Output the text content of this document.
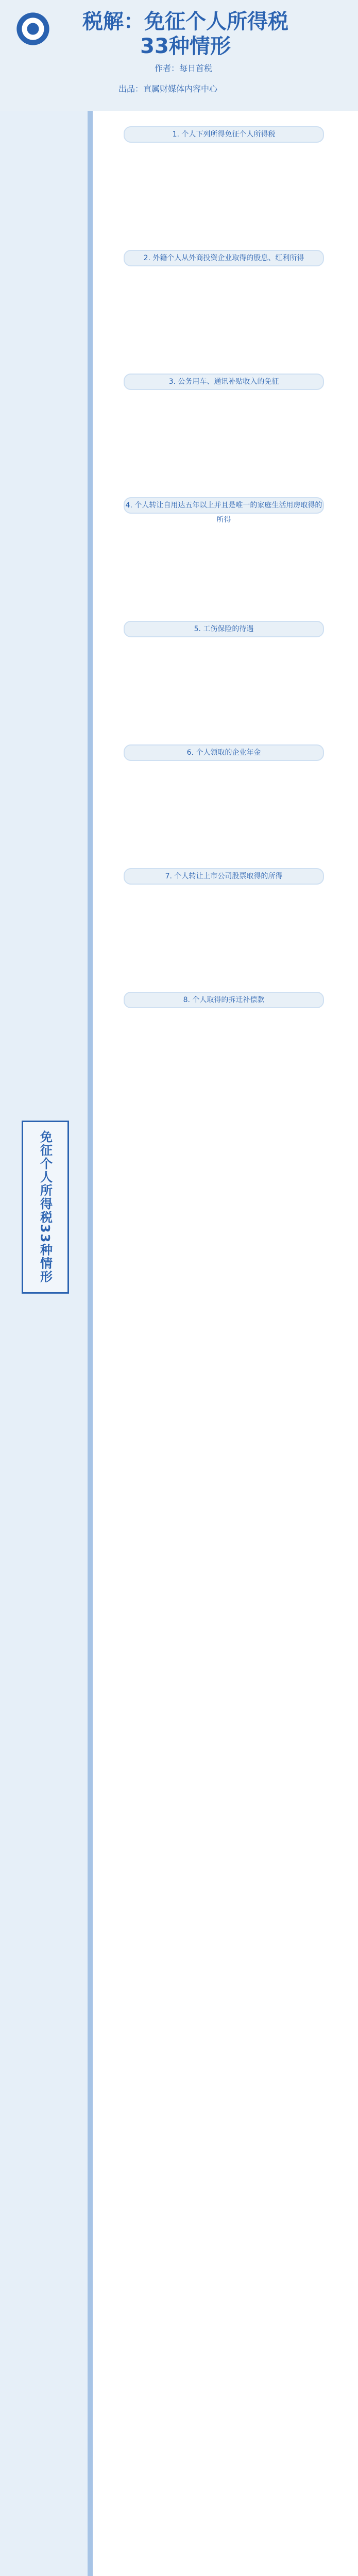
税解：免征个人所得税33种情形
作者：每日首税
出品：直属财媒体内容中心
免征个人所得税33种情形
1. 个人下列所得免征个人所得税
2. 外籍个人从外商投资企业取得的股息、红利所得
3. 公务用车、通讯补贴收入的免征
4. 个人转让自用达五年以上并且是唯一的家庭生活用房取得的所得
5. 工伤保险的待遇
6. 个人领取的企业年金
7. 个人转让上市公司股票取得的所得
8. 个人取得的拆迁补偿款
